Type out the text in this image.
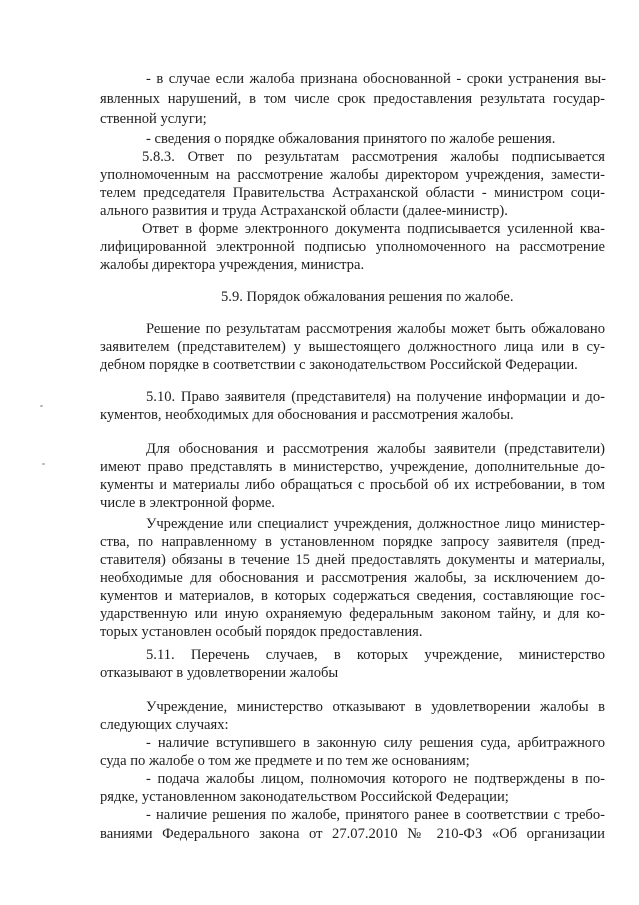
- в случае если жалоба признана обоснованной - сроки устранения вы-
явленных нарушений, в том числе срок предоставления результата государ-
ственной услуги;
- сведения о порядке обжалования принятого по жалобе решения.
5.8.3. Ответ по результатам рассмотрения жалобы подписывается
уполномоченным на рассмотрение жалобы директором учреждения, замести-
телем председателя Правительства Астраханской области - министром соци-
ального развития и труда Астраханской области (далее-министр).
Ответ в форме электронного документа подписывается усиленной ква-
лифицированной электронной подписью уполномоченного на рассмотрение
жалобы директора учреждения, министра.
5.9. Порядок обжалования решения по жалобе.
Решение по результатам рассмотрения жалобы может быть обжаловано
заявителем (представителем) у вышестоящего должностного лица или в су-
дебном порядке в соответствии с законодательством Российской Федерации.
5.10. Право заявителя (представителя) на получение информации и до-
кументов, необходимых для обоснования и рассмотрения жалобы.
Для обоснования и рассмотрения жалобы заявители (представители)
имеют право представлять в министерство, учреждение, дополнительные до-
кументы и материалы либо обращаться с просьбой об их истребовании, в том
числе в электронной форме.
Учреждение или специалист учреждения, должностное лицо министер-
ства, по направленному в установленном порядке запросу заявителя (пред-
ставителя) обязаны в течение 15 дней предоставлять документы и материалы,
необходимые для обоснования и рассмотрения жалобы, за исключением до-
кументов и материалов, в которых содержаться сведения, составляющие гос-
ударственную или иную охраняемую федеральным законом тайну, и для ко-
торых установлен особый порядок предоставления.
5.11. Перечень случаев, в которых учреждение, министерство
отказывают в удовлетворении жалобы
Учреждение, министерство отказывают в удовлетворении жалобы в
следующих случаях:
- наличие вступившего в законную силу решения суда, арбитражного
суда по жалобе о том же предмете и по тем же основаниям;
- подача жалобы лицом, полномочия которого не подтверждены в по-
рядке, установленном законодательством Российской Федерации;
- наличие решения по жалобе, принятого ранее в соответствии с требо-
ваниями Федерального закона от 27.07.2010 № 210-ФЗ «Об организации
